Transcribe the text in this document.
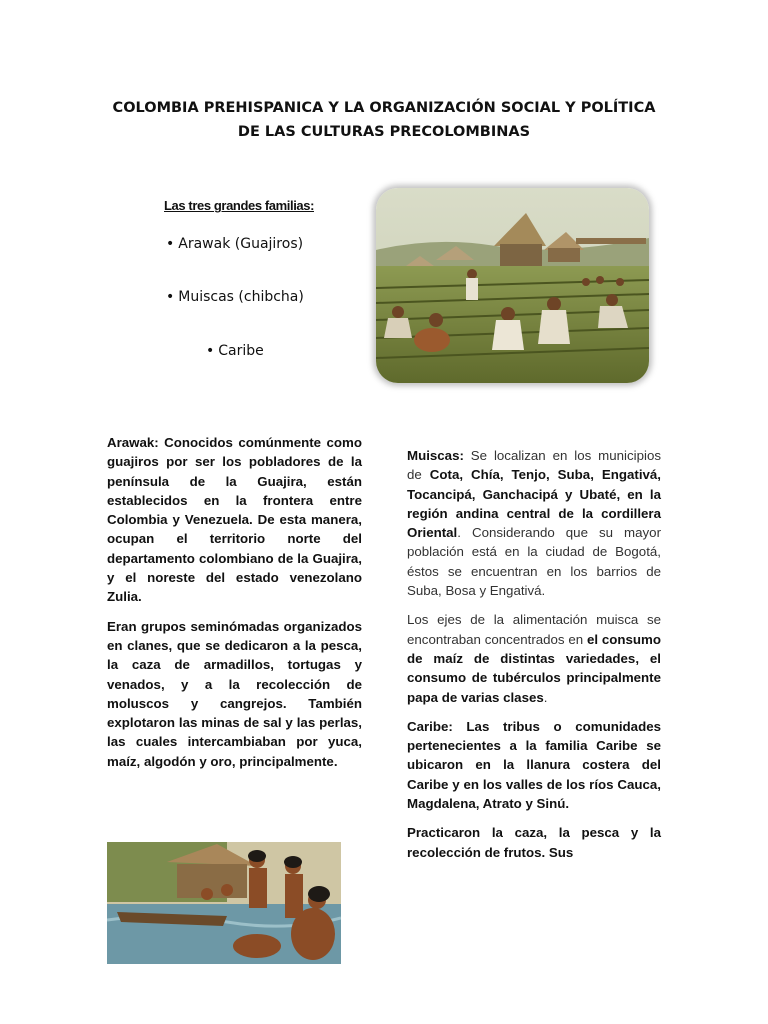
COLOMBIA PREHISPANICA Y LA ORGANIZACIÓN SOCIAL Y POLÍTICA
DE LAS CULTURAS PRECOLOMBINAS
Las tres grandes familias:
• Arawak (Guajiros)
• Muiscas (chibcha)
• Caribe

Arawak: Conocidos comúnmente como guajiros por ser los pobladores de la península de la Guajira, están establecidos en la frontera entre Colombia y Venezuela. De esta manera, ocupan el territorio norte del departamento colombiano de la Guajira, y el noreste del estado venezolano Zulia.

Eran grupos seminómadas organizados en clanes, que se dedicaron a la pesca, la caza de armadillos, tortugas y venados, y a la recolección de moluscos y cangrejos. También explotaron las minas de sal y las perlas, las cuales intercambiaban por yuca, maíz, algodón y oro, principalmente.

Muiscas: Se localizan en los municipios de Cota, Chía, Tenjo, Suba, Engativá, Tocancipá, Ganchacipá y Ubaté, en la región andina central de la cordillera Oriental. Considerando que su mayor población está en la ciudad de Bogotá, éstos se encuentran en los barrios de Suba, Bosa y Engativá.

Los ejes de la alimentación muisca se encontraban concentrados en el consumo de maíz de distintas variedades, el consumo de tubérculos principalmente papa de varias clases.

Caribe: Las tribus o comunidades pertenecientes a la familia Caribe se ubicaron en la llanura costera del Caribe y en los valles de los ríos Cauca, Magdalena, Atrato y Sinú.

Practicaron la caza, la pesca y la recolección de frutos. Sus
